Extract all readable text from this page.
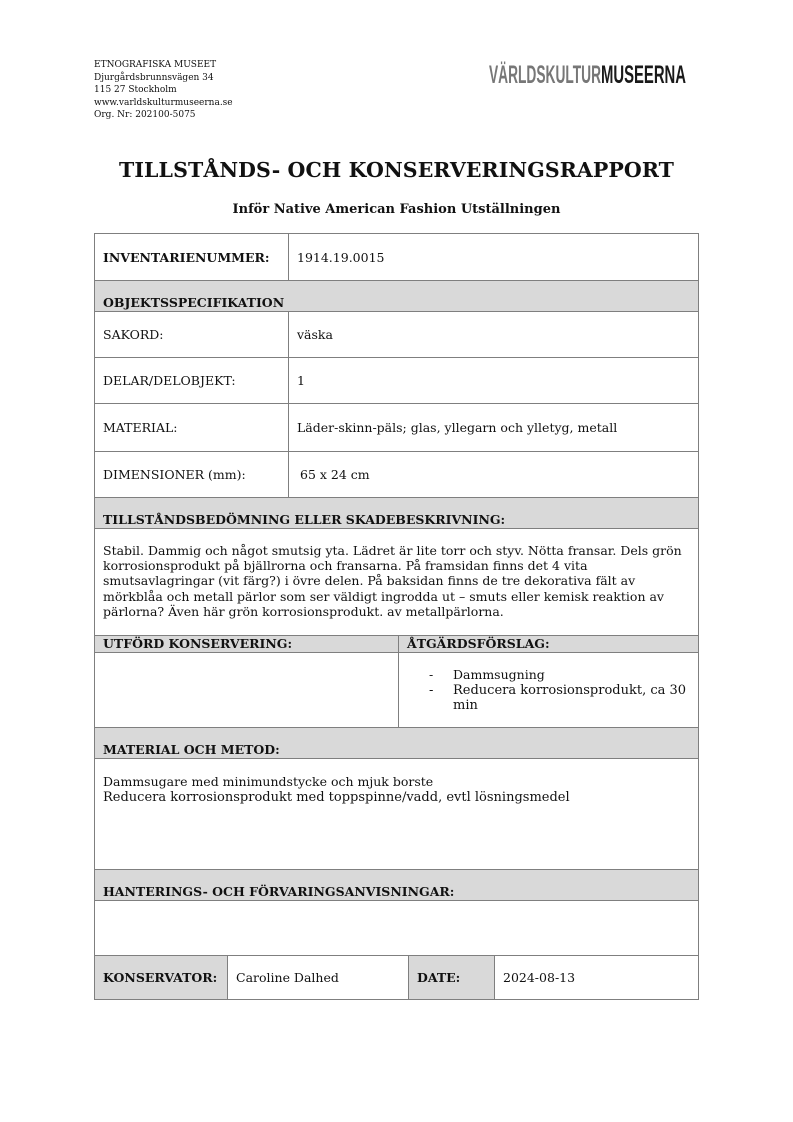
ETNOGRAFISKA MUSEET
Djurgårdsbrunnsvägen 34
115 27 Stockholm
www.varldskulturmuseerna.se
Org. Nr: 202100-5075
VÄRLDSKULTUR MUSEERNA
TILLSTÅNDS- OCH KONSERVERINGSRAPPORT
Inför Native American Fashion Utställningen
INVENTARIENUMMER:	1914.19.0015
OBJEKTSSPECIFIKATION
SAKORD:	väska
DELAR/DELOBJEKT:	1
MATERIAL:	Läder-skinn-päls; glas, yllegarn och ylletyg, metall
DIMENSIONER (mm):	65 x 24 cm
TILLSTÅNDSBEDÖMNING ELLER SKADEBESKRIVNING:
Stabil. Dammig och något smutsig yta. Lädret är lite torr och styv. Nötta fransar. Dels grön korrosionsprodukt på bjällrorna och fransarna. På framsidan finns det 4 vita smutsavlagringar (vit färg?) i övre delen. På baksidan finns de tre dekorativa fält av mörkblåa och metall pärlor som ser väldigt ingrodda ut – smuts eller kemisk reaktion av pärlorna? Även här grön korrosionsprodukt. av metallpärlorna.
UTFÖRD KONSERVERING:	ÅTGÄRDSFÖRSLAG:
-	Dammsugning
-	Reducera korrosionsprodukt, ca 30 min
MATERIAL OCH METOD:
Dammsugare med minimundstycke och mjuk borste
Reducera korrosionsprodukt med toppspinne/vadd, evtl lösningsmedel
HANTERINGS- OCH FÖRVARINGSANVISNINGAR:
KONSERVATOR:	Caroline Dalhed	DATE:	2024-08-13
